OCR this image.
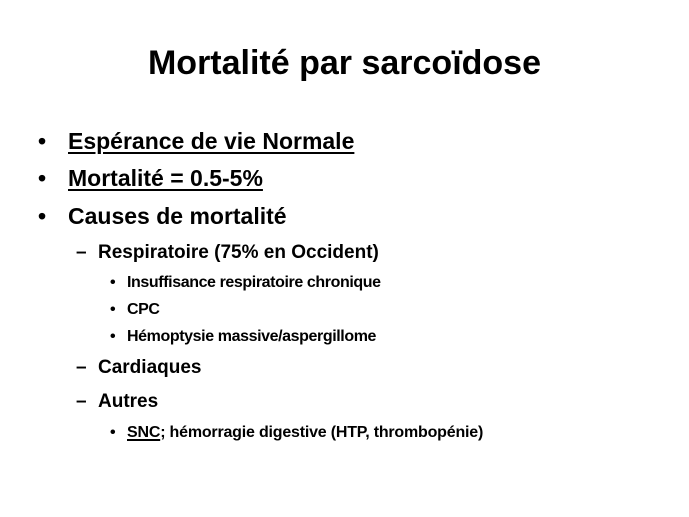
Mortalité par sarcoïdose
• Espérance de vie Normale
• Mortalité = 0.5-5%
• Causes de mortalité
– Respiratoire (75% en Occident)
• Insuffisance respiratoire chronique
• CPC
• Hémoptysie massive/aspergillome
– Cardiaques
– Autres
• SNC; hémorragie digestive (HTP, thrombopénie)
